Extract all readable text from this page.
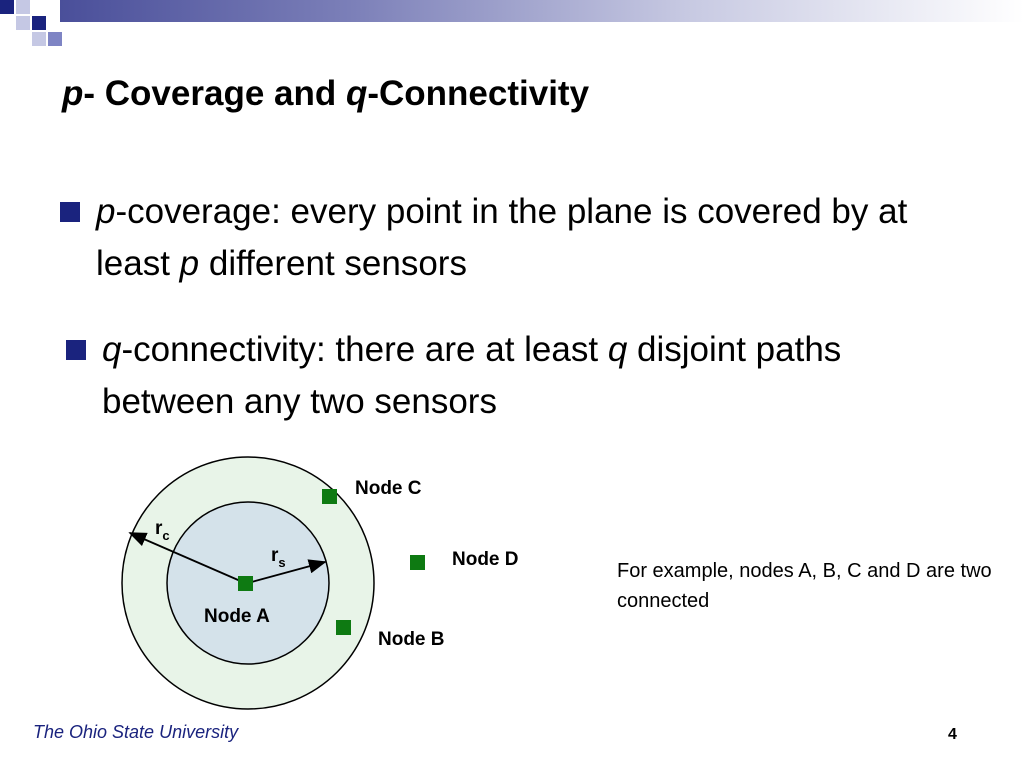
p- Coverage and q-Connectivity
p-coverage: every point in the plane is covered by at least p different sensors
q-connectivity: there are at least q disjoint paths between any two sensors
$r_c$
$r_s$
Node A
Node C
Node D
Node B
For example, nodes A, B, C and D are two connected
The Ohio State University	4
